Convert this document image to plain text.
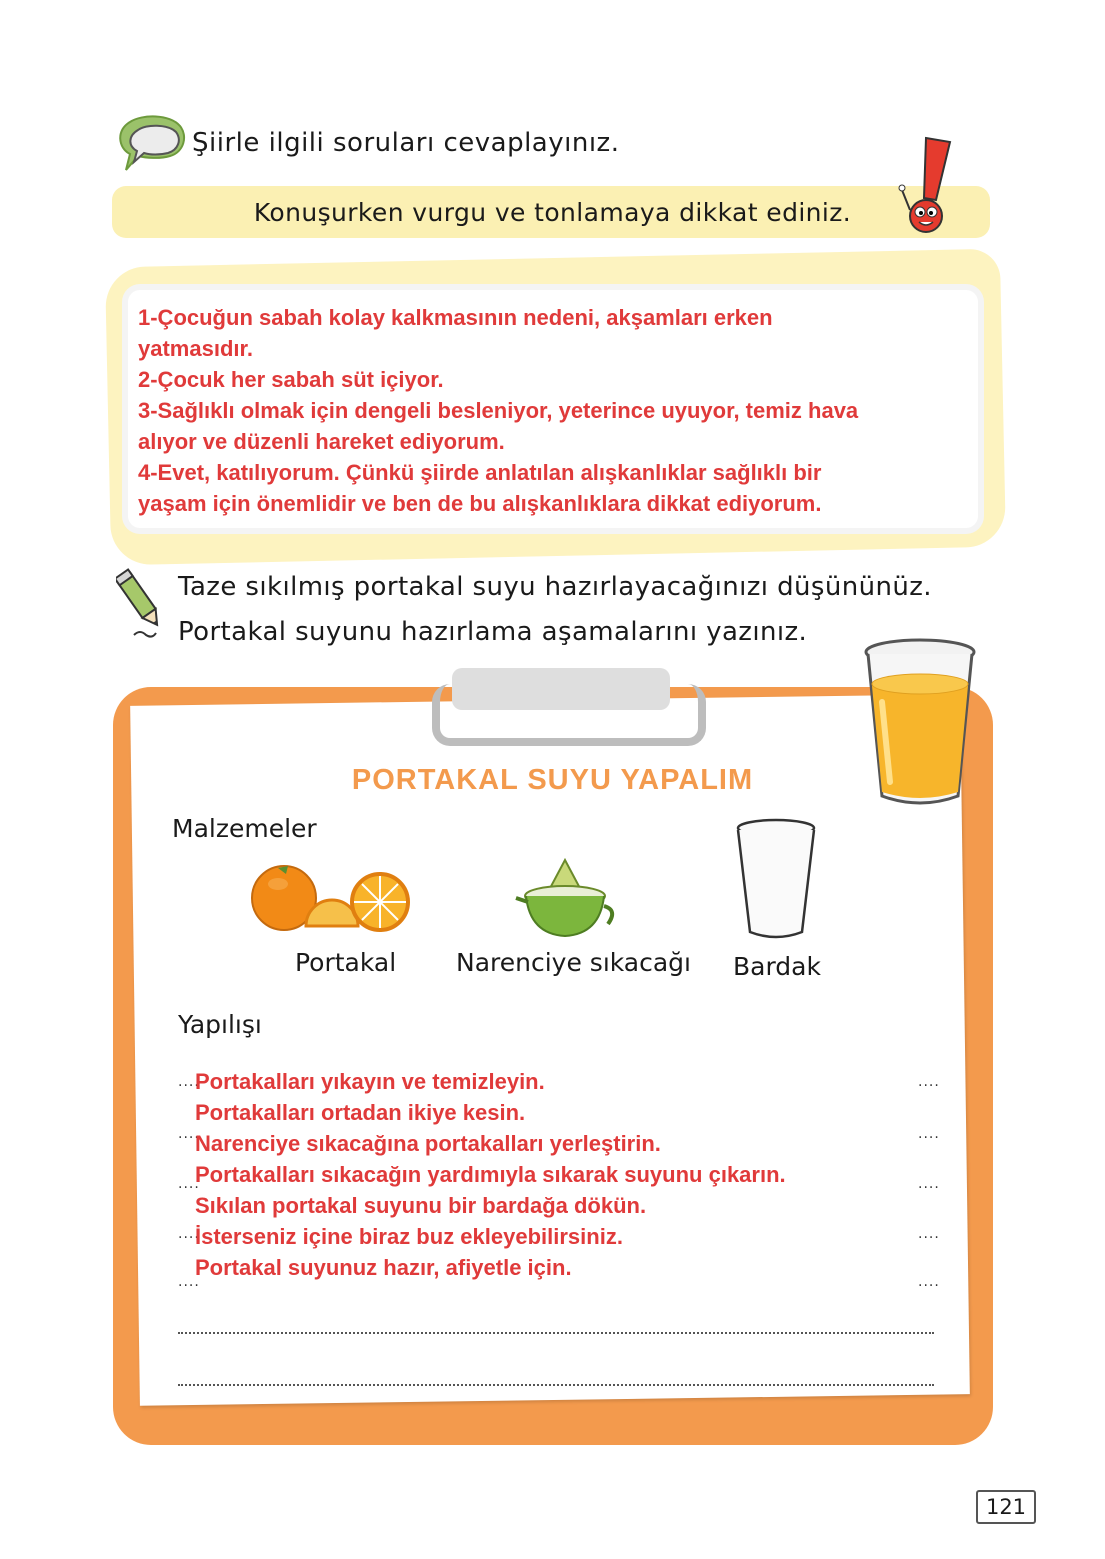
Şiirle ilgili soruları cevaplayınız.
Konuşurken vurgu ve tonlamaya dikkat ediniz.
1-Çocuğun sabah kolay kalkmasının nedeni, akşamları erken
yatmasıdır.
2-Çocuk her sabah süt içiyor.
3-Sağlıklı olmak için dengeli besleniyor, yeterince uyuyor, temiz hava
alıyor ve düzenli hareket ediyorum.
4-Evet, katılıyorum. Çünkü şiirde anlatılan alışkanlıklar sağlıklı bir
yaşam için önemlidir ve ben de bu alışkanlıklara dikkat ediyorum.
Taze sıkılmış portakal suyu hazırlayacağınızı düşününüz. Portakal suyunu hazırlama aşamalarını yazınız.
PORTAKAL SUYU YAPALIM
Malzemeler
Portakal Narenciye sıkacağı Bardak
Yapılışı
....
....
....
....
....
....
....
....
....
....
Portakalları yıkayın ve temizleyin.
Portakalları ortadan ikiye kesin.
Narenciye sıkacağına portakalları yerleştirin.
Portakalları sıkacağın yardımıyla sıkarak suyunu çıkarın.
Sıkılan portakal suyunu bir bardağa dökün.
İsterseniz içine biraz buz ekleyebilirsiniz.
Portakal suyunuz hazır, afiyetle için.
121
